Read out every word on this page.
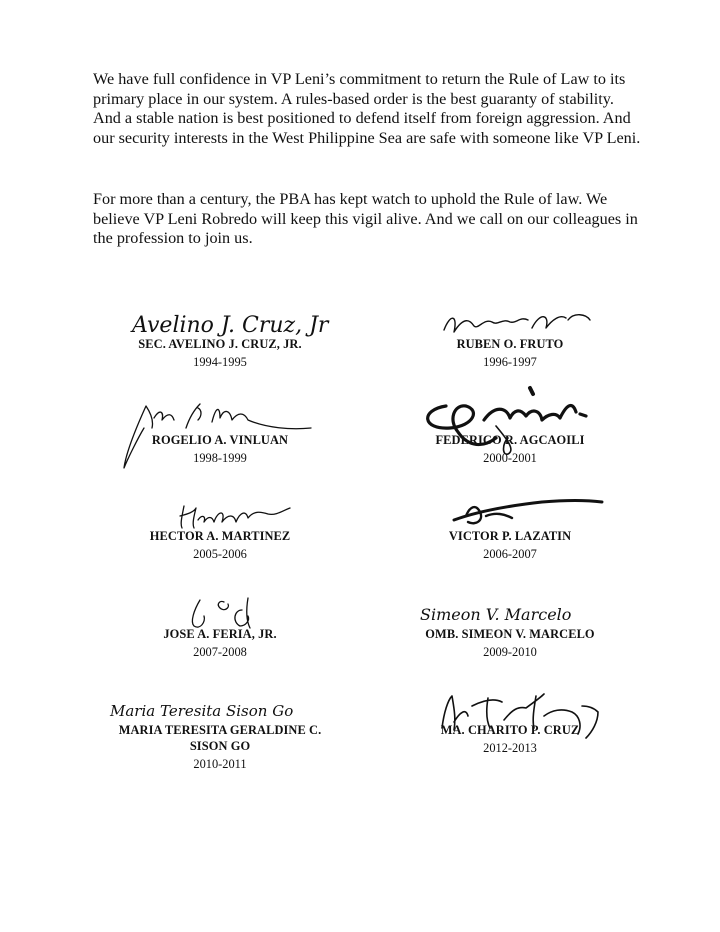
We have full confidence in VP Leni’s commitment to return the Rule of Law to its primary place in our system. A rules-based order is the best guaranty of stability. And a stable nation is best positioned to defend itself from foreign aggression. And our security interests in the West Philippine Sea are safe with someone like VP Leni.

For more than a century, the PBA has kept watch to uphold the Rule of law. We believe VP Leni Robredo will keep this vigil alive. And we call on our colleagues in the profession to join us.

Avelino J. Cruz, Jr
SEC. AVELINO J. CRUZ, JR.
1994-1995
RUBEN O. FRUTO
1996-1997
ROGELIO A. VINLUAN
1998-1999
FEDERICO R. AGCAOILI
2000-2001
HECTOR A. MARTINEZ
2005-2006
VICTOR P. LAZATIN
2006-2007
JOSE A. FERIA, JR.
2007-2008
Simeon V. Marcelo
OMB. SIMEON V. MARCELO
2009-2010
Maria Teresita Sison Go
MARIA TERESITA GERALDINE C.
SISON GO
2010-2011
MA. CHARITO P. CRUZ
2012-2013
